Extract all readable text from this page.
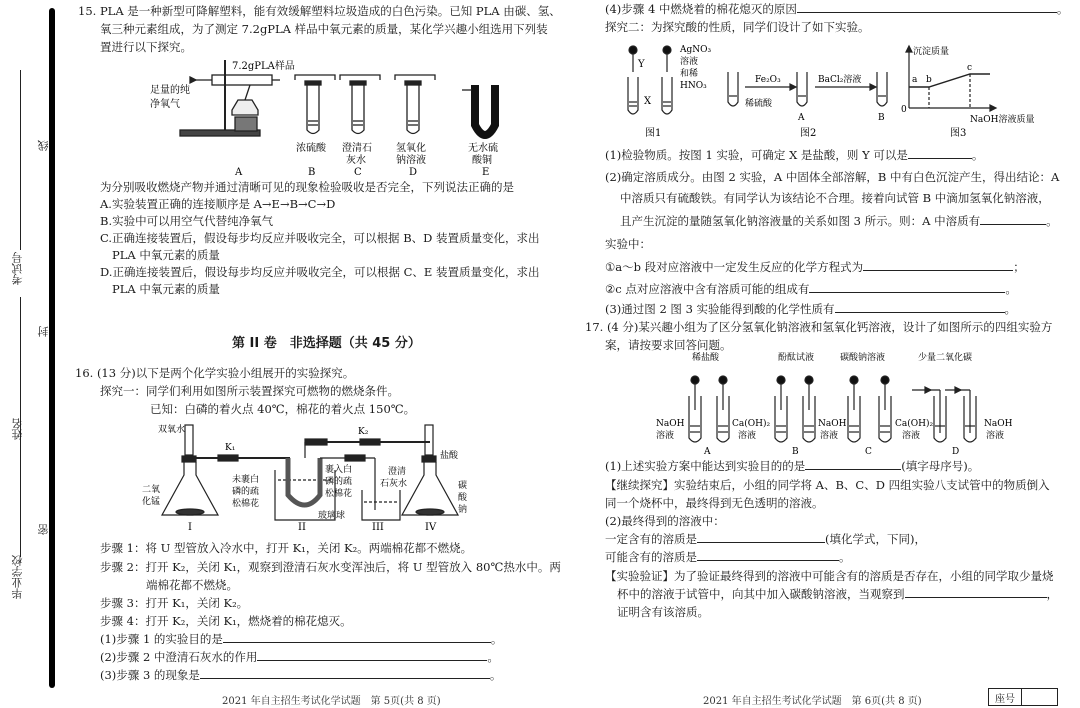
考试号
姓名
毕业学校
线
封
密
15. PLA 是一种新型可降解塑料，能有效缓解塑料垃圾造成的白色污染。已知 PLA 由碳、氢、
氧三种元素组成，为了测定 7.2gPLA 样品中氧元素的质量，某化学兴趣小组选用下列装
置进行以下探究。
7.2gPLA样品
足量的纯
净氧气
浓硫酸 澄清石
灰水
氢氧化
钠溶液
无水硫
酸铜
A	B	C	D	E
为分别吸收燃烧产物并通过清晰可见的现象检验吸收是否完全，下列说法正确的是
A.实验装置正确的连接顺序是 A→E→B→C→D
B.实验中可以用空气代替纯净氧气
C.正确连接装置后，假设每步均反应并吸收完全，可以根据 B、D 装置质量变化，求出
PLA 中氧元素的质量
D.正确连接装置后，假设每步均反应并吸收完全，可以根据 C、E 装置质量变化，求出
PLA 中氧元素的质量
第 II 卷　非选择题（共 45 分）
16. (13 分)以下是两个化学实验小组展开的实验探究。
探究一：同学们利用如图所示装置探究可燃物的燃烧条件。
已知：白磷的着火点 40℃，棉花的着火点 150℃。
双氧水
二氧
化锰
K₁
K₂
未裹白
磷的疏
松棉花
裹入白
磷的疏
松棉花
玻璃球
澄清
石灰水
盐酸
碳
酸
钠
I	II	III	IV
步骤 1：将 U 型管放入冷水中，打开 K₁，关闭 K₂。两端棉花都不燃烧。
步骤 2：打开 K₂，关闭 K₁，观察到澄清石灰水变浑浊后，将 U 型管放入 80℃热水中。两
端棉花都不燃烧。
步骤 3：打开 K₁，关闭 K₂。
步骤 4：打开 K₂，关闭 K₁，燃烧着的棉花熄灭。
(1)步骤 1 的实验目的是	。
(2)步骤 2 中澄清石灰水的作用	。
(3)步骤 3 的现象是	。
2021 年自主招生考试化学试题　第 5页(共 8 页)
(4)步骤 4 中燃烧着的棉花熄灭的原因	。
探究二：为探究酸的性质，同学们设计了如下实验。
Y
X
AgNO₃
溶液
和稀
HNO₃
图1
Fe₂O₃	BaCl₂溶液
稀硫酸
A	B
图2
沉淀质量
NaOH溶液质量
0
a b
c
图3
(1)检验物质。按图 1 实验，可确定 X 是盐酸，则 Y 可以是	。
(2)确定溶质成分。由图 2 实验，A 中固体全部溶解，B 中有白色沉淀产生，得出结论：A
中溶质只有硫酸铁。有同学认为该结论不合理。接着向试管 B 中滴加氢氧化钠溶液，
且产生沉淀的量随氢氧化钠溶液量的关系如图 3 所示。则：A 中溶质有	。
实验中：
①a～b 段对应溶液中一定发生反应的化学方程式为	；
②c 点对应溶液中含有溶质可能的组成有	。
(3)通过图 2 图 3 实验能得到酸的化学性质有	。
17. (4 分)某兴趣小组为了区分氢氧化钠溶液和氢氧化钙溶液，设计了如图所示的四组实验方
案，请按要求回答问题。
稀盐酸	酚酞试液	碳酸钠溶液	少量二氧化碳
NaOH
溶液
Ca(OH)₂
溶液
NaOH
溶液
Ca(OH)₂
溶液
NaOH
溶液
A	B	C	D
(1)上述实验方案中能达到实验目的的是	(填字母序号)。
【继续探究】实验结束后，小组的同学将 A、B、C、D 四组实验八支试管中的物质倒入
同一个烧杯中，最终得到无色透明的溶液。
(2)最终得到的溶液中：
一定含有的溶质是	(填化学式，下同)，
可能含有的溶质是	。
【实验验证】为了验证最终得到的溶液中可能含有的溶质是否存在，小组的同学取少量烧
杯中的溶液于试管中，向其中加入碳酸钠溶液，当观察到	，
证明含有该溶质。
2021 年自主招生考试化学试题　第 6页(共 8 页)	座号
